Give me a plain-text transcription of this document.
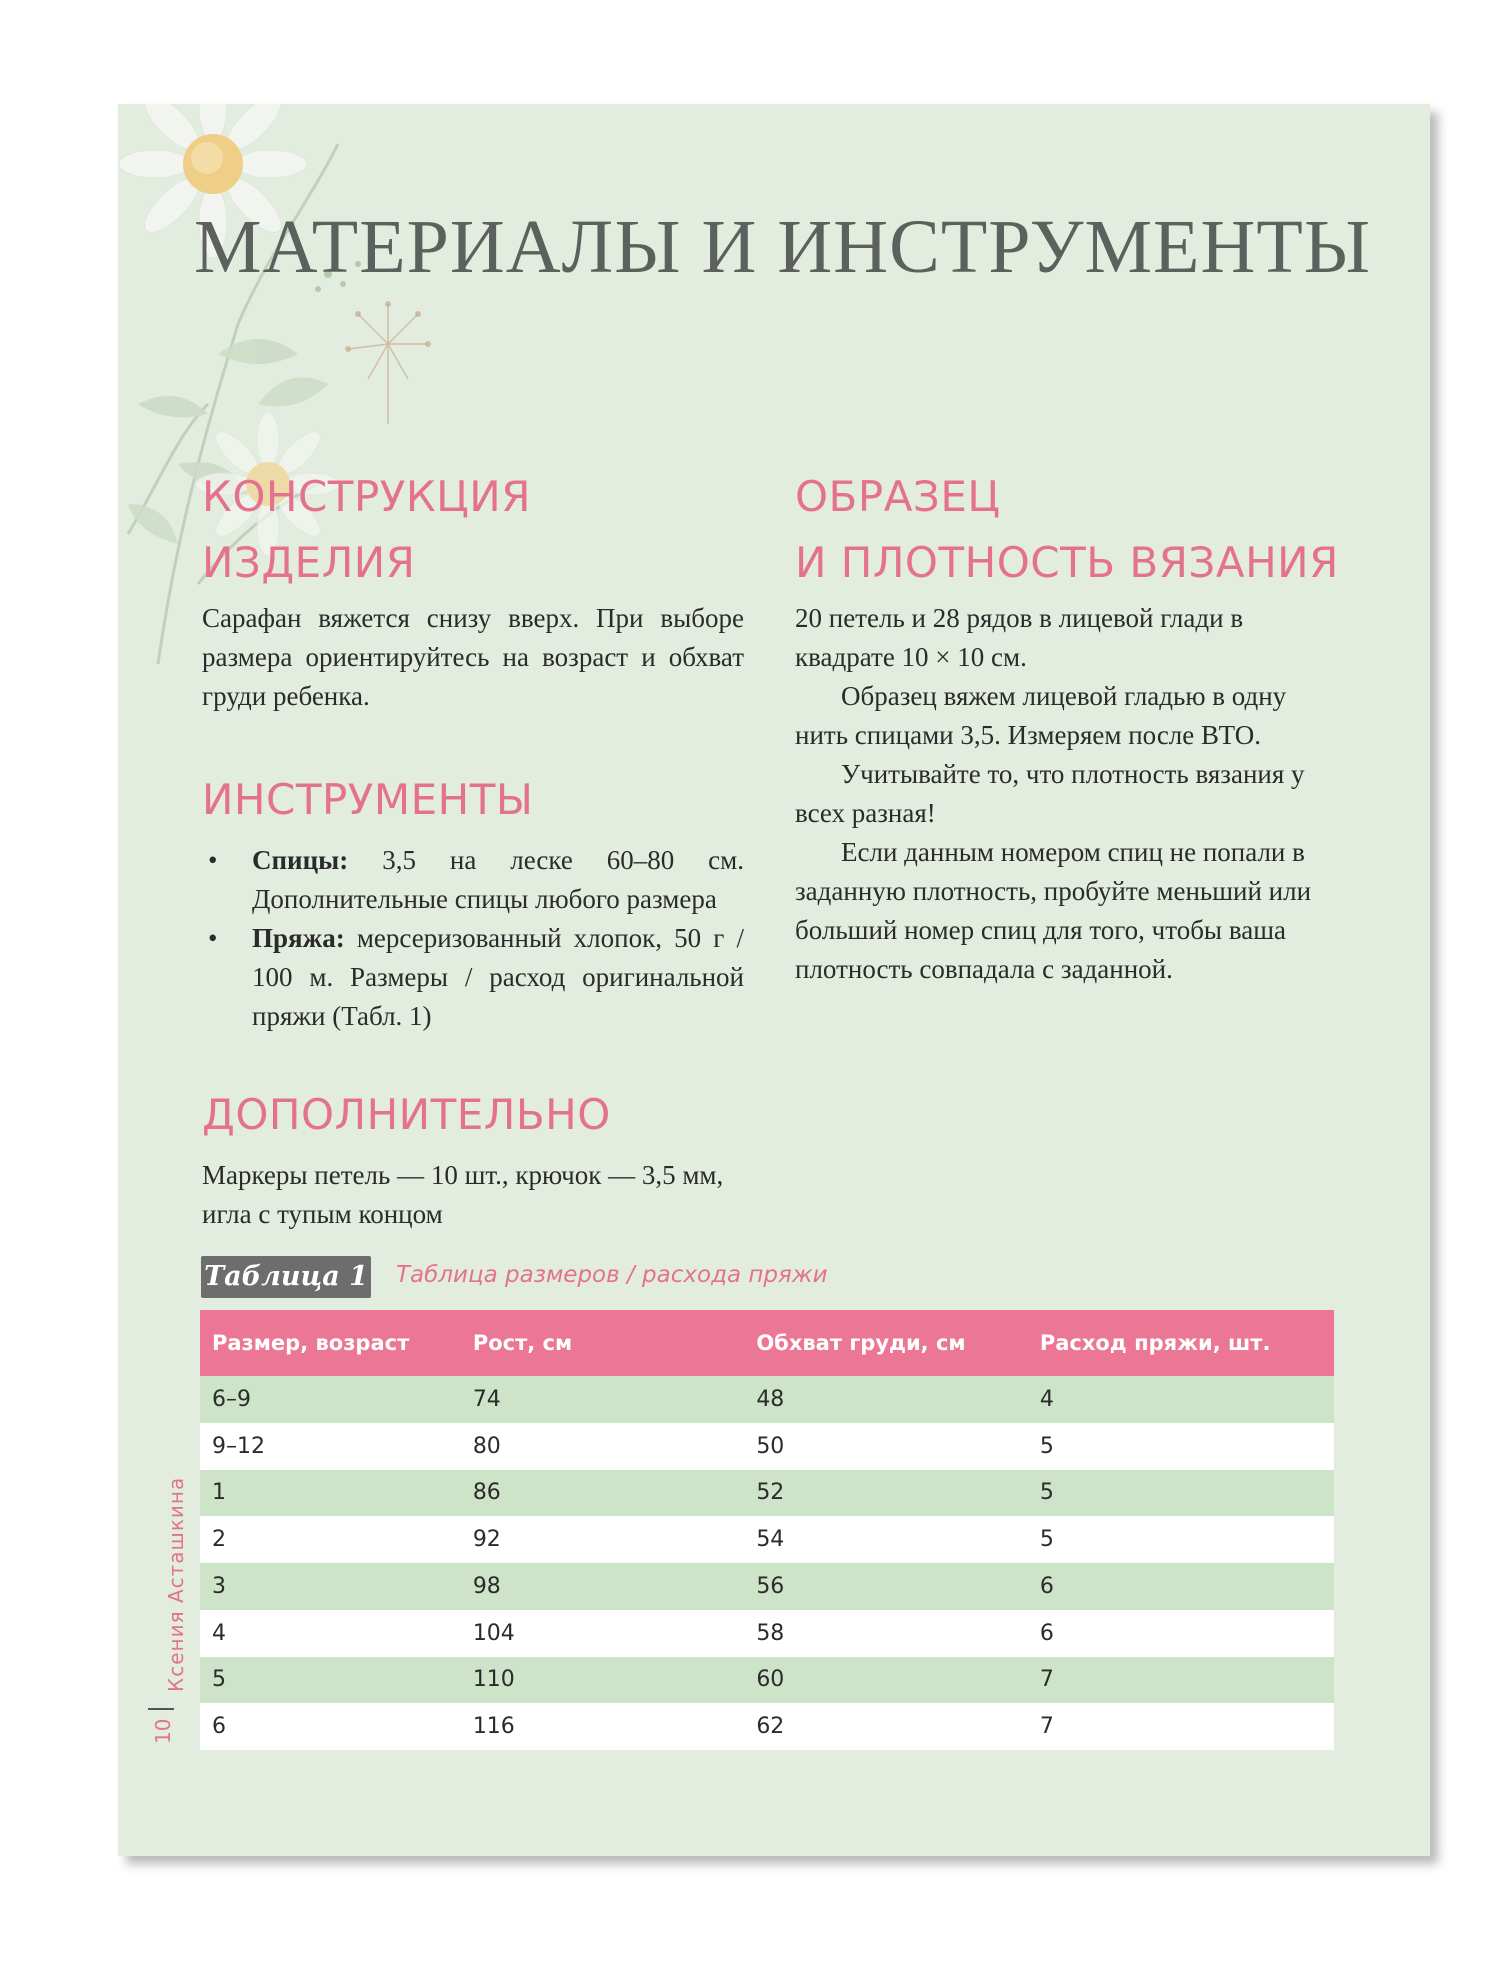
МАТЕРИАЛЫ И ИНСТРУМЕНТЫ
КОНСТРУКЦИЯ
ИЗДЕЛИЯ
Сарафан вяжется снизу вверх. При выборе размера ориентируйтесь на возраст и обхват груди ребенка.
ИНСТРУМЕНТЫ
• Спицы: 3,5 на леске 60–80 см. Дополнительные спицы любого размера
• Пряжа: мерсеризованный хлопок, 50 г / 100 м. Размеры / расход оригинальной пряжи (Табл. 1)
ДОПОЛНИТЕЛЬНО
Маркеры петель — 10 шт., крючок — 3,5 мм, игла с тупым концом
ОБРАЗЕЦ
И ПЛОТНОСТЬ ВЯЗАНИЯ

20 петель и 28 рядов в лицевой глади в квадрате 10 × 10 см.

Образец вяжем лицевой гладью в одну нить спицами 3,5. Измеряем после ВТО.

Учитывайте то, что плотность вязания у всех разная!

Если данным номером спиц не попали в заданную плотность, пробуйте меньший или больший номер спиц для того, чтобы ваша плотность совпадала с заданной.

Таблица 1 Таблица размеров / расхода пряжи
Размер, возраст	Рост, см	Обхват груди, см	Расход пряжи, шт.
6–9	74	48	4
9–12	80	50	5
1	86	52	5
2	92	54	5
3	98	56	6
4	104	58	6
5	110	60	7
6	116	62	7
Ксения Асташкина
10
